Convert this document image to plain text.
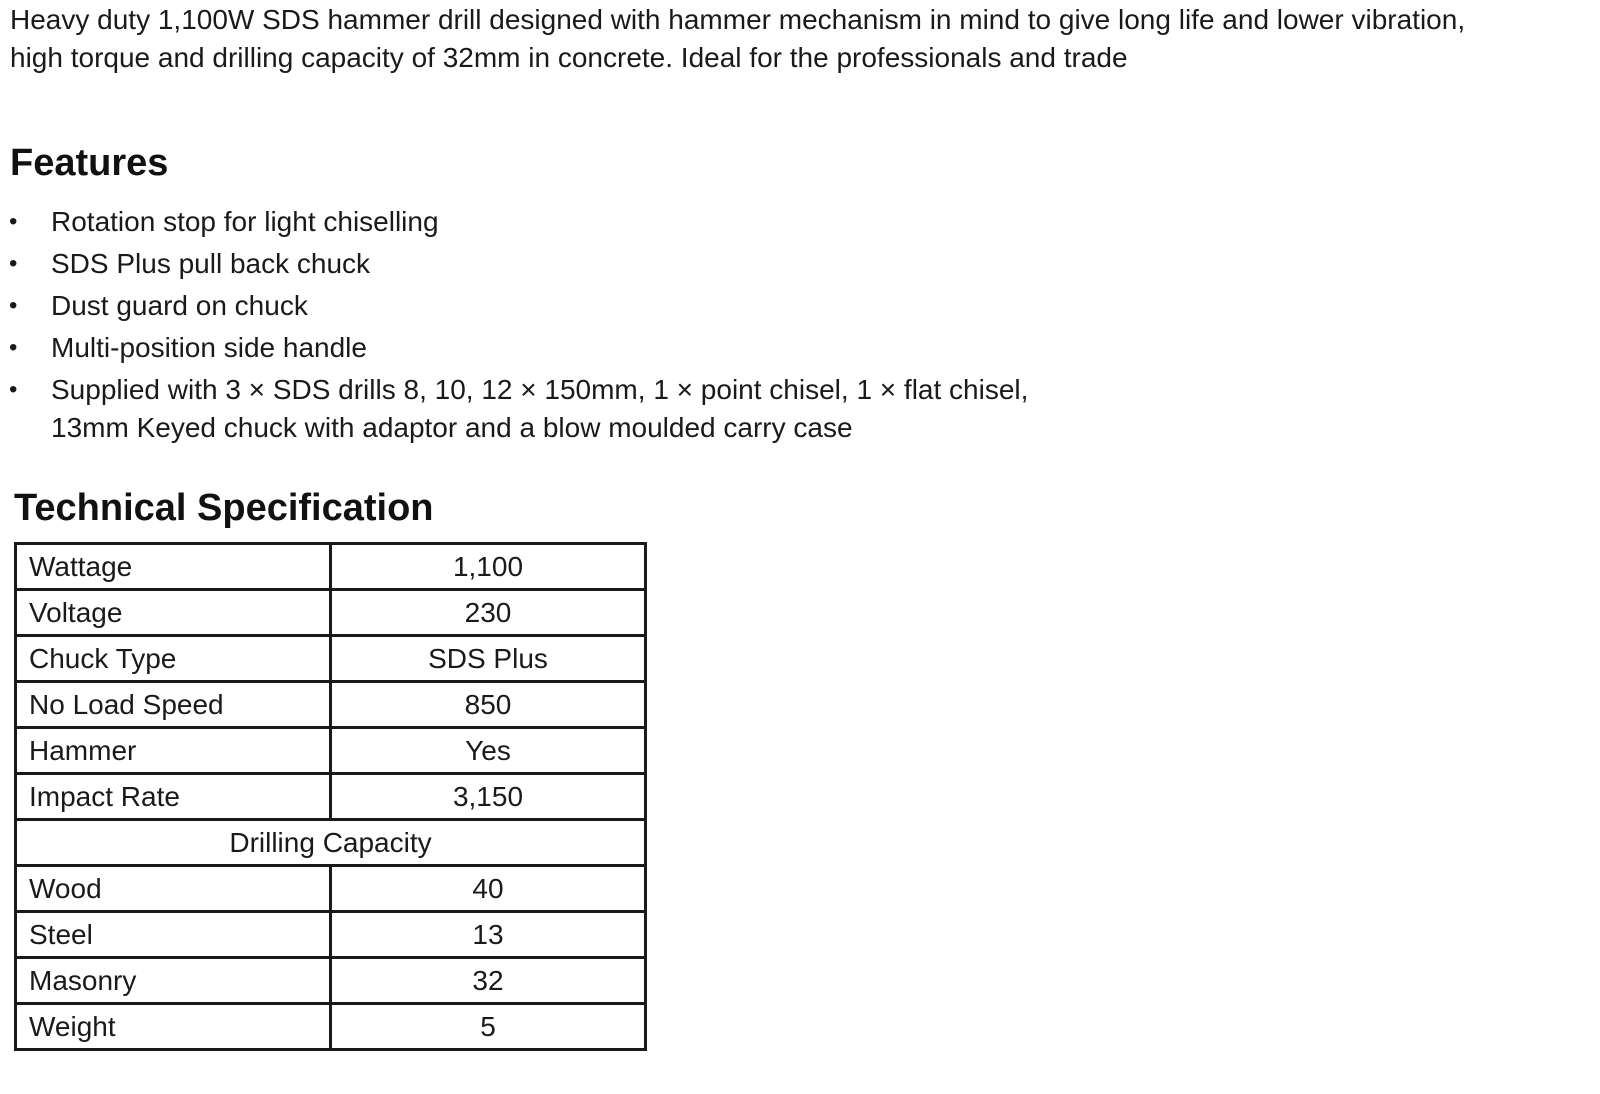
Heavy duty 1,100W SDS hammer drill designed with hammer mechanism in mind to give long life and lower vibration,
high torque and drilling capacity of 32mm in concrete. Ideal for the professionals and trade

Features
• Rotation stop for light chiselling
• SDS Plus pull back chuck
• Dust guard on chuck
• Multi-position side handle
• Supplied with 3 × SDS drills 8, 10, 12 × 150mm, 1 × point chisel, 1 × flat chisel,
13mm Keyed chuck with adaptor and a blow moulded carry case
Technical Specification
Wattage	1,100
Voltage	230
Chuck Type	SDS Plus
No Load Speed	850
Hammer	Yes
Impact Rate	3,150
Drilling Capacity	
Wood	40
Steel	13
Masonry	32
Weight	5
